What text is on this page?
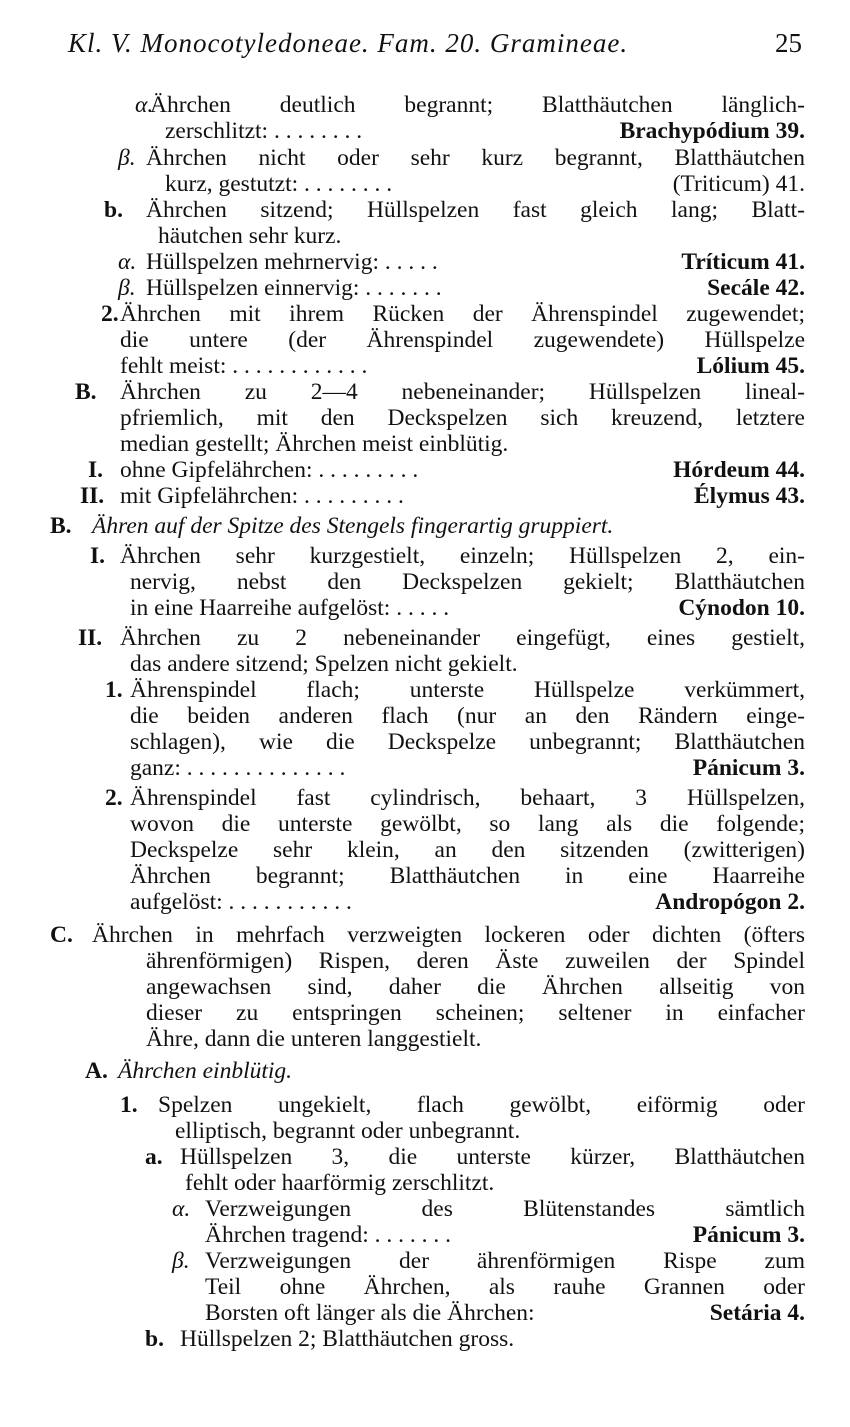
Kl. V. Monocotyledoneae. Fam. 20. Gramineae.	25
α.
Ährchen deutlich begrannt; Blatthäutchen länglich-
zerschlitzt: . . . . . . . .	Brachypódium 39.
β. Ährchen nicht oder sehr kurz begrannt, Blatthäutchen
kurz, gestutzt: . . . . . . . .	(Triticum) 41.
b. Ährchen sitzend; Hüllspelzen fast gleich lang; Blatt-
häutchen sehr kurz.
α. Hüllspelzen mehrnervig: . . . . .	Tríticum 41.
β. Hüllspelzen einnervig: . . . . . . .	Secále 42.
2. Ährchen mit ihrem Rücken der Ährenspindel zugewendet;
die untere (der Ährenspindel zugewendete) Hüllspelze
fehlt meist: . . . . . . . . . . . .	Lólium 45.
B. Ährchen zu 2—4 nebeneinander; Hüllspelzen lineal-
pfriemlich, mit den Deckspelzen sich kreuzend, letztere
median gestellt; Ährchen meist einblütig.
I. ohne Gipfelährchen: . . . . . . . . .	Hórdeum 44.
II. mit Gipfelährchen: . . . . . . . . .	Élymus 43.
B. Ähren auf der Spitze des Stengels fingerartig gruppiert.
I. Ährchen sehr kurzgestielt, einzeln; Hüllspelzen 2, ein-
nervig, nebst den Deckspelzen gekielt; Blatthäutchen
in eine Haarreihe aufgelöst: . . . . .	Cýnodon 10.
II. Ährchen zu 2 nebeneinander eingefügt, eines gestielt,
das andere sitzend; Spelzen nicht gekielt.
1. Ährenspindel flach; unterste Hüllspelze verkümmert,
die beiden anderen flach (nur an den Rändern einge-
schlagen), wie die Deckspelze unbegrannt; Blatthäutchen
ganz: . . . . . . . . . . . . . .	Pánicum 3.
2. Ährenspindel fast cylindrisch, behaart, 3 Hüllspelzen,
wovon die unterste gewölbt, so lang als die folgende;
Deckspelze sehr klein, an den sitzenden (zwitterigen)
Ährchen begrannt; Blatthäutchen in eine Haarreihe
aufgelöst: . . . . . . . . . . .	Andropógon 2.
C. Ährchen in mehrfach verzweigten lockeren oder dichten (öfters
ährenförmigen) Rispen, deren Äste zuweilen der Spindel
angewachsen sind, daher die Ährchen allseitig von
dieser zu entspringen scheinen; seltener in einfacher
Ähre, dann die unteren langgestielt.
A. Ährchen einblütig.
1. Spelzen ungekielt, flach gewölbt, eiförmig oder
elliptisch, begrannt oder unbegrannt.
a. Hüllspelzen 3, die unterste kürzer, Blatthäutchen
fehlt oder haarförmig zerschlitzt.
α. Verzweigungen des Blütenstandes sämtlich
Ährchen tragend: . . . . . . .	Pánicum 3.
β. Verzweigungen der ährenförmigen Rispe zum
Teil ohne Ährchen, als rauhe Grannen oder
Borsten oft länger als die Ährchen:	Setária 4.
b. Hüllspelzen 2; Blatthäutchen gross.
